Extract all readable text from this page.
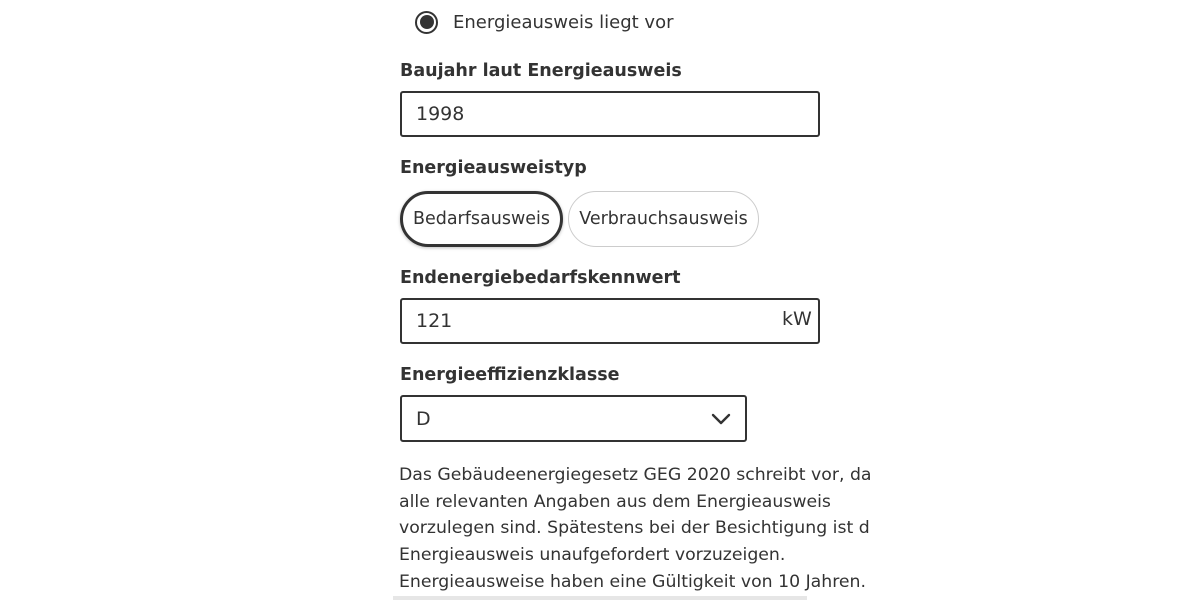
Energieausweis liegt vor
Baujahr laut Energieausweis
1998
Energieausweistyp
Bedarfsausweis Verbrauchsausweis
Endenergiebedarfskennwert
121	kW
Energieeffizienzklasse
D
Das Gebäudeenergiegesetz GEG 2020 schreibt vor, da
alle relevanten Angaben aus dem Energieausweis
vorzulegen sind. Spätestens bei der Besichtigung ist d
Energieausweis unaufgefordert vorzuzeigen.
Energieausweise haben eine Gültigkeit von 10 Jahren.
